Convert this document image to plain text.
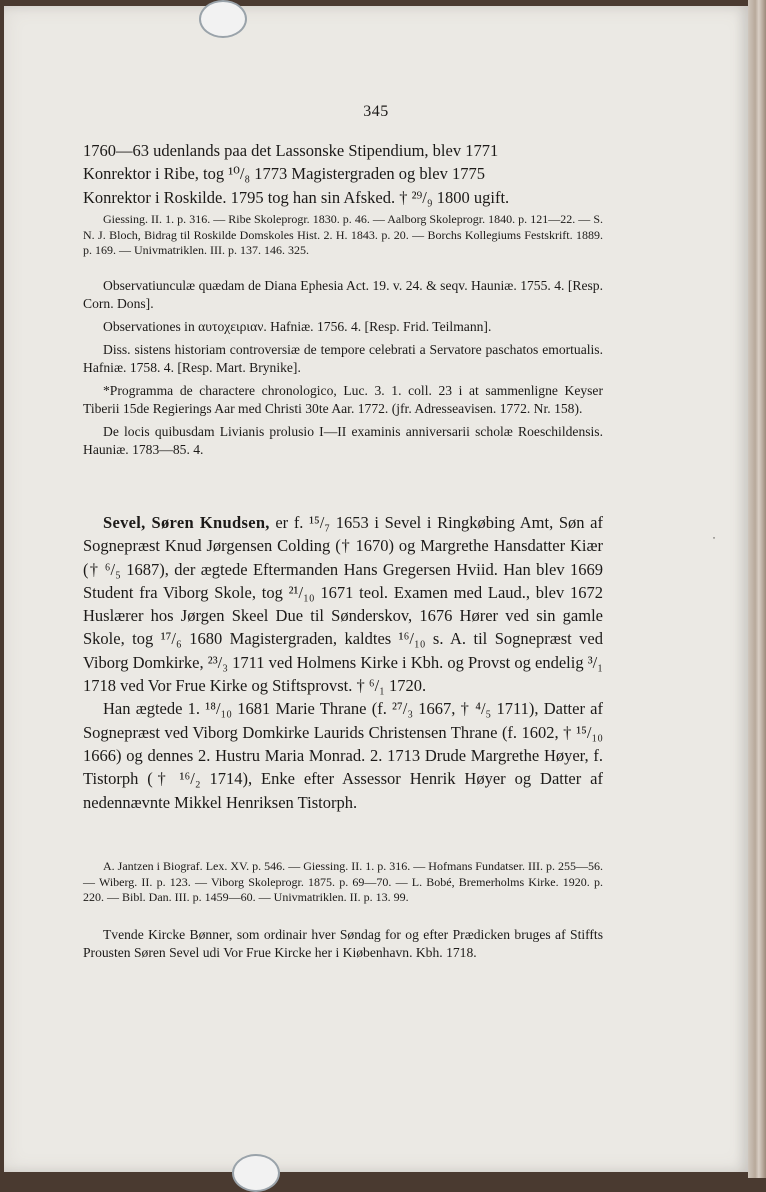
345
1760—63 udenlands paa det Lassonske Stipendium, blev 1771
Konrektor i Ribe, tog ¹⁰/₈ 1773 Magistergraden og blev 1775
Konrektor i Roskilde. 1795 tog han sin Afsked. † ²⁹/₉ 1800 ugift.

Giessing. II. 1. p. 316. — Ribe Skoleprogr. 1830. p. 46. — Aalborg Skoleprogr. 1840. p. 121—22. — S. N. J. Bloch, Bidrag til Roskilde Domskoles Hist. 2. H. 1843. p. 20. — Borchs Kollegiums Festskrift. 1889. p. 169. — Univmatriklen. III. p. 137. 146. 325.

Observatiunculæ quædam de Diana Ephesia Act. 19. v. 24. & seqv. Hauniæ. 1755. 4. [Resp. Corn. Dons].

Observationes in αυτοχειριαν. Hafniæ. 1756. 4. [Resp. Frid. Teilmann].

Diss. sistens historiam controversiæ de tempore celebrati a Servatore paschatos emortualis. Hafniæ. 1758. 4. [Resp. Mart. Brynike].

*Programma de charactere chronologico, Luc. 3. 1. coll. 23 i at sammenligne Keyser Tiberii 15de Regierings Aar med Christi 30te Aar. 1772. (jfr. Adresseavisen. 1772. Nr. 158).

De locis quibusdam Livianis prolusio I—II examinis anniversarii scholæ Roeschildensis. Hauniæ. 1783—85. 4.

Sevel, Søren Knudsen, er f. ¹⁵/₇ 1653 i Sevel i Ringkøbing Amt, Søn af Sognepræst Knud Jørgensen Colding († 1670) og Margrethe Hansdatter Kiær († ⁶/₅ 1687), der ægtede Eftermanden Hans Gregersen Hviid. Han blev 1669 Student fra Viborg Skole, tog ²¹/₁₀ 1671 teol. Examen med Laud., blev 1672 Huslærer hos Jørgen Skeel Due til Sønderskov, 1676 Hører ved sin gamle Skole, tog ¹⁷/₆ 1680 Magistergraden, kaldtes ¹⁶/₁₀ s. A. til Sognepræst ved Viborg Domkirke, ²³/₃ 1711 ved Holmens Kirke i Kbh. og Provst og endelig ³/₁ 1718 ved Vor Frue Kirke og Stiftsprovst. † ⁶/₁ 1720.

Han ægtede 1. ¹⁸/₁₀ 1681 Marie Thrane (f. ²⁷/₃ 1667, † ⁴/₅ 1711), Datter af Sognepræst ved Viborg Domkirke Laurids Christensen Thrane (f. 1602, † ¹⁵/₁₀ 1666) og dennes 2. Hustru Maria Monrad. 2. 1713 Drude Margrethe Høyer, f. Tistorph († ¹⁶/₂ 1714), Enke efter Assessor Henrik Høyer og Datter af nedennævnte Mikkel Henriksen Tistorph.

A. Jantzen i Biograf. Lex. XV. p. 546. — Giessing. II. 1. p. 316. — Hofmans Fundatser. III. p. 255—56. — Wiberg. II. p. 123. — Viborg Skoleprogr. 1875. p. 69—70. — L. Bobé, Bremerholms Kirke. 1920. p. 220. — Bibl. Dan. III. p. 1459—60. — Univmatriklen. II. p. 13. 99.

Tvende Kircke Bønner, som ordinair hver Søndag for og efter Prædicken bruges af Stiffts Prousten Søren Sevel udi Vor Frue Kircke her i Kiøbenhavn. Kbh. 1718.

˙
